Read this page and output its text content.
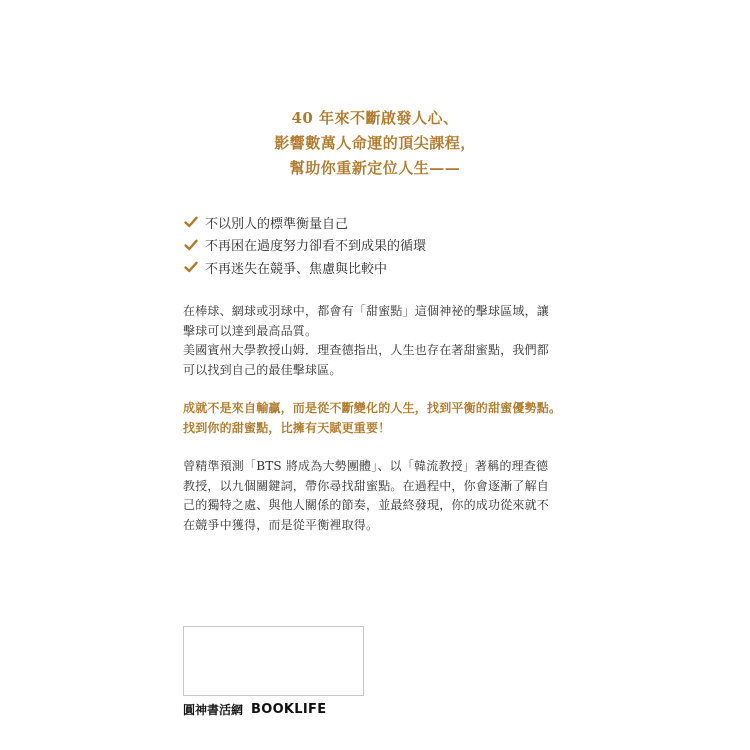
40 年來不斷啟發人心、
影響數萬人命運的頂尖課程，
幫助你重新定位人生——
不以別人的標準衡量自己
不再困在過度努力卻看不到成果的循環
不再迷失在競爭、焦慮與比較中
在棒球、網球或羽球中，都會有「甜蜜點」這個神祕的擊球區域，讓
擊球可以達到最高品質。
美國賓州大學教授山姆．理查德指出，人生也存在著甜蜜點，我們都
可以找到自己的最佳擊球區。
成就不是來自輸贏，而是從不斷變化的人生，找到平衡的甜蜜優勢點。
找到你的甜蜜點，比擁有天賦更重要！
曾精準預測「BTS 將成為大勢團體」、以「韓流教授」著稱的理查德
教授，以九個關鍵詞，帶你尋找甜蜜點。在過程中，你會逐漸了解自
己的獨特之處、與他人關係的節奏，並最終發現，你的成功從來就不
在競爭中獲得，而是從平衡裡取得。
圓神書活網 BOOKLIFE
